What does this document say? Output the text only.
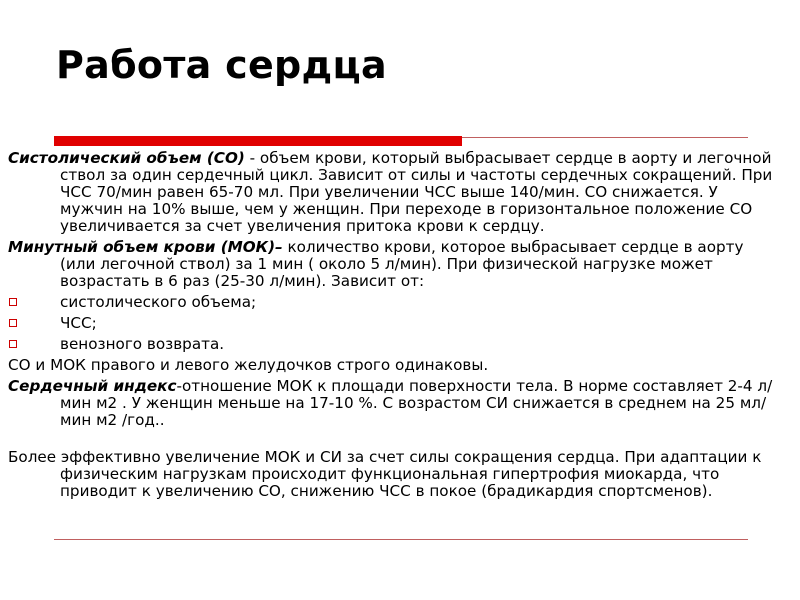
Работа сердца

Систолический объем (СО) - объем крови, который выбрасывает сердце в аорту и легочной ствол за один сердечный цикл. Зависит от силы и частоты сердечных сокращений. При ЧСС 70/мин равен 65-70 мл. При увеличении ЧСС выше 140/мин. СО снижается. У мужчин на 10% выше, чем у женщин. При переходе в горизонтальное положение СО увеличивается за счет увеличения притока крови к сердцу.

Минутный объем крови (МОК)– количество крови, которое выбрасывает сердце в аорту (или легочной ствол) за 1 мин ( около 5 л/мин). При физической нагрузке может возрастать в 6 раз (25-30 л/мин). Зависит от:

систолического объема;
ЧСС;
венозного возврата.

СО и МОК правого и левого желудочков строго одинаковы.

Сердечный индекс-отношение МОК к площади поверхности тела. В норме составляет 2-4 л/мин м2 . У женщин меньше на 17-10 %. С возрастом СИ снижается в среднем на 25 мл/мин м2 /год..

Более эффективно увеличение МОК и СИ за счет силы сокращения сердца. При адаптации к физическим нагрузкам происходит функциональная гипертрофия миокарда, что приводит к увеличению СО, снижению ЧСС в покое (брадикардия спортсменов).
